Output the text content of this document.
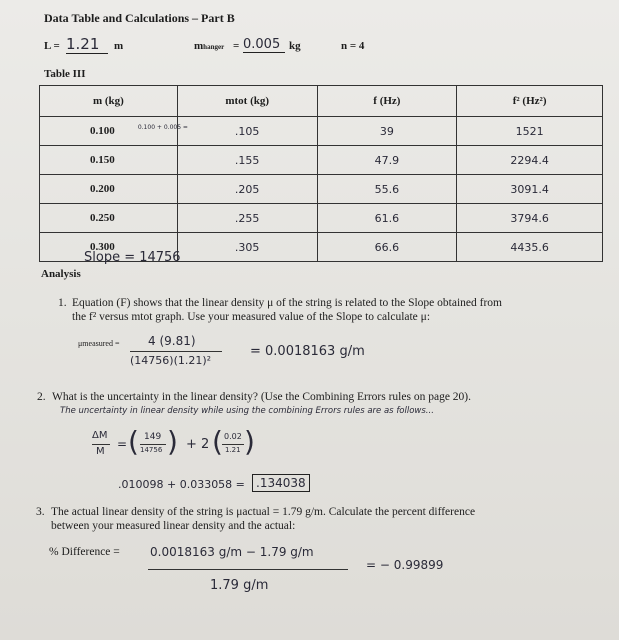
Data Table and Calculations – Part B
L = 1.21	m	mhanger = 0.005 kg	n = 4
Table III
m (kg)	mtot (kg)	f (Hz)	f² (Hz²)
0.100	0.100 + 0.005 = .105	39	1521
0.150	.155	47.9	2294.4
0.200	.205	55.6	3091.4
0.250	.255	61.6	3794.6
0.300	.305	66.6	4435.6
Slope = 14756
Analysis
1. Equation (F) shows that the linear density μ of the string is related to the Slope obtained from
the f² versus mtot graph. Use your measured value of the Slope to calculate μ:
μmeasured = 4 (9.81)
(14756)(1.21)²
= 0.0018163 g/m
2. What is the uncertainty in the linear density? (Use the Combining Errors rules on page 20).
The uncertainty in linear density while using the combining Errors rules are as follows...
ΔM
M
= ( 149
14756 ) + 2 ( 0.02
1.21 )
.010098 + 0.033058 = .134038
3. The actual linear density of the string is μactual = 1.79 g/m. Calculate the percent difference
between your measured linear density and the actual:
% Difference =	0.0018163 g/m − 1.79 g/m
1.79 g/m
= − 0.99899
